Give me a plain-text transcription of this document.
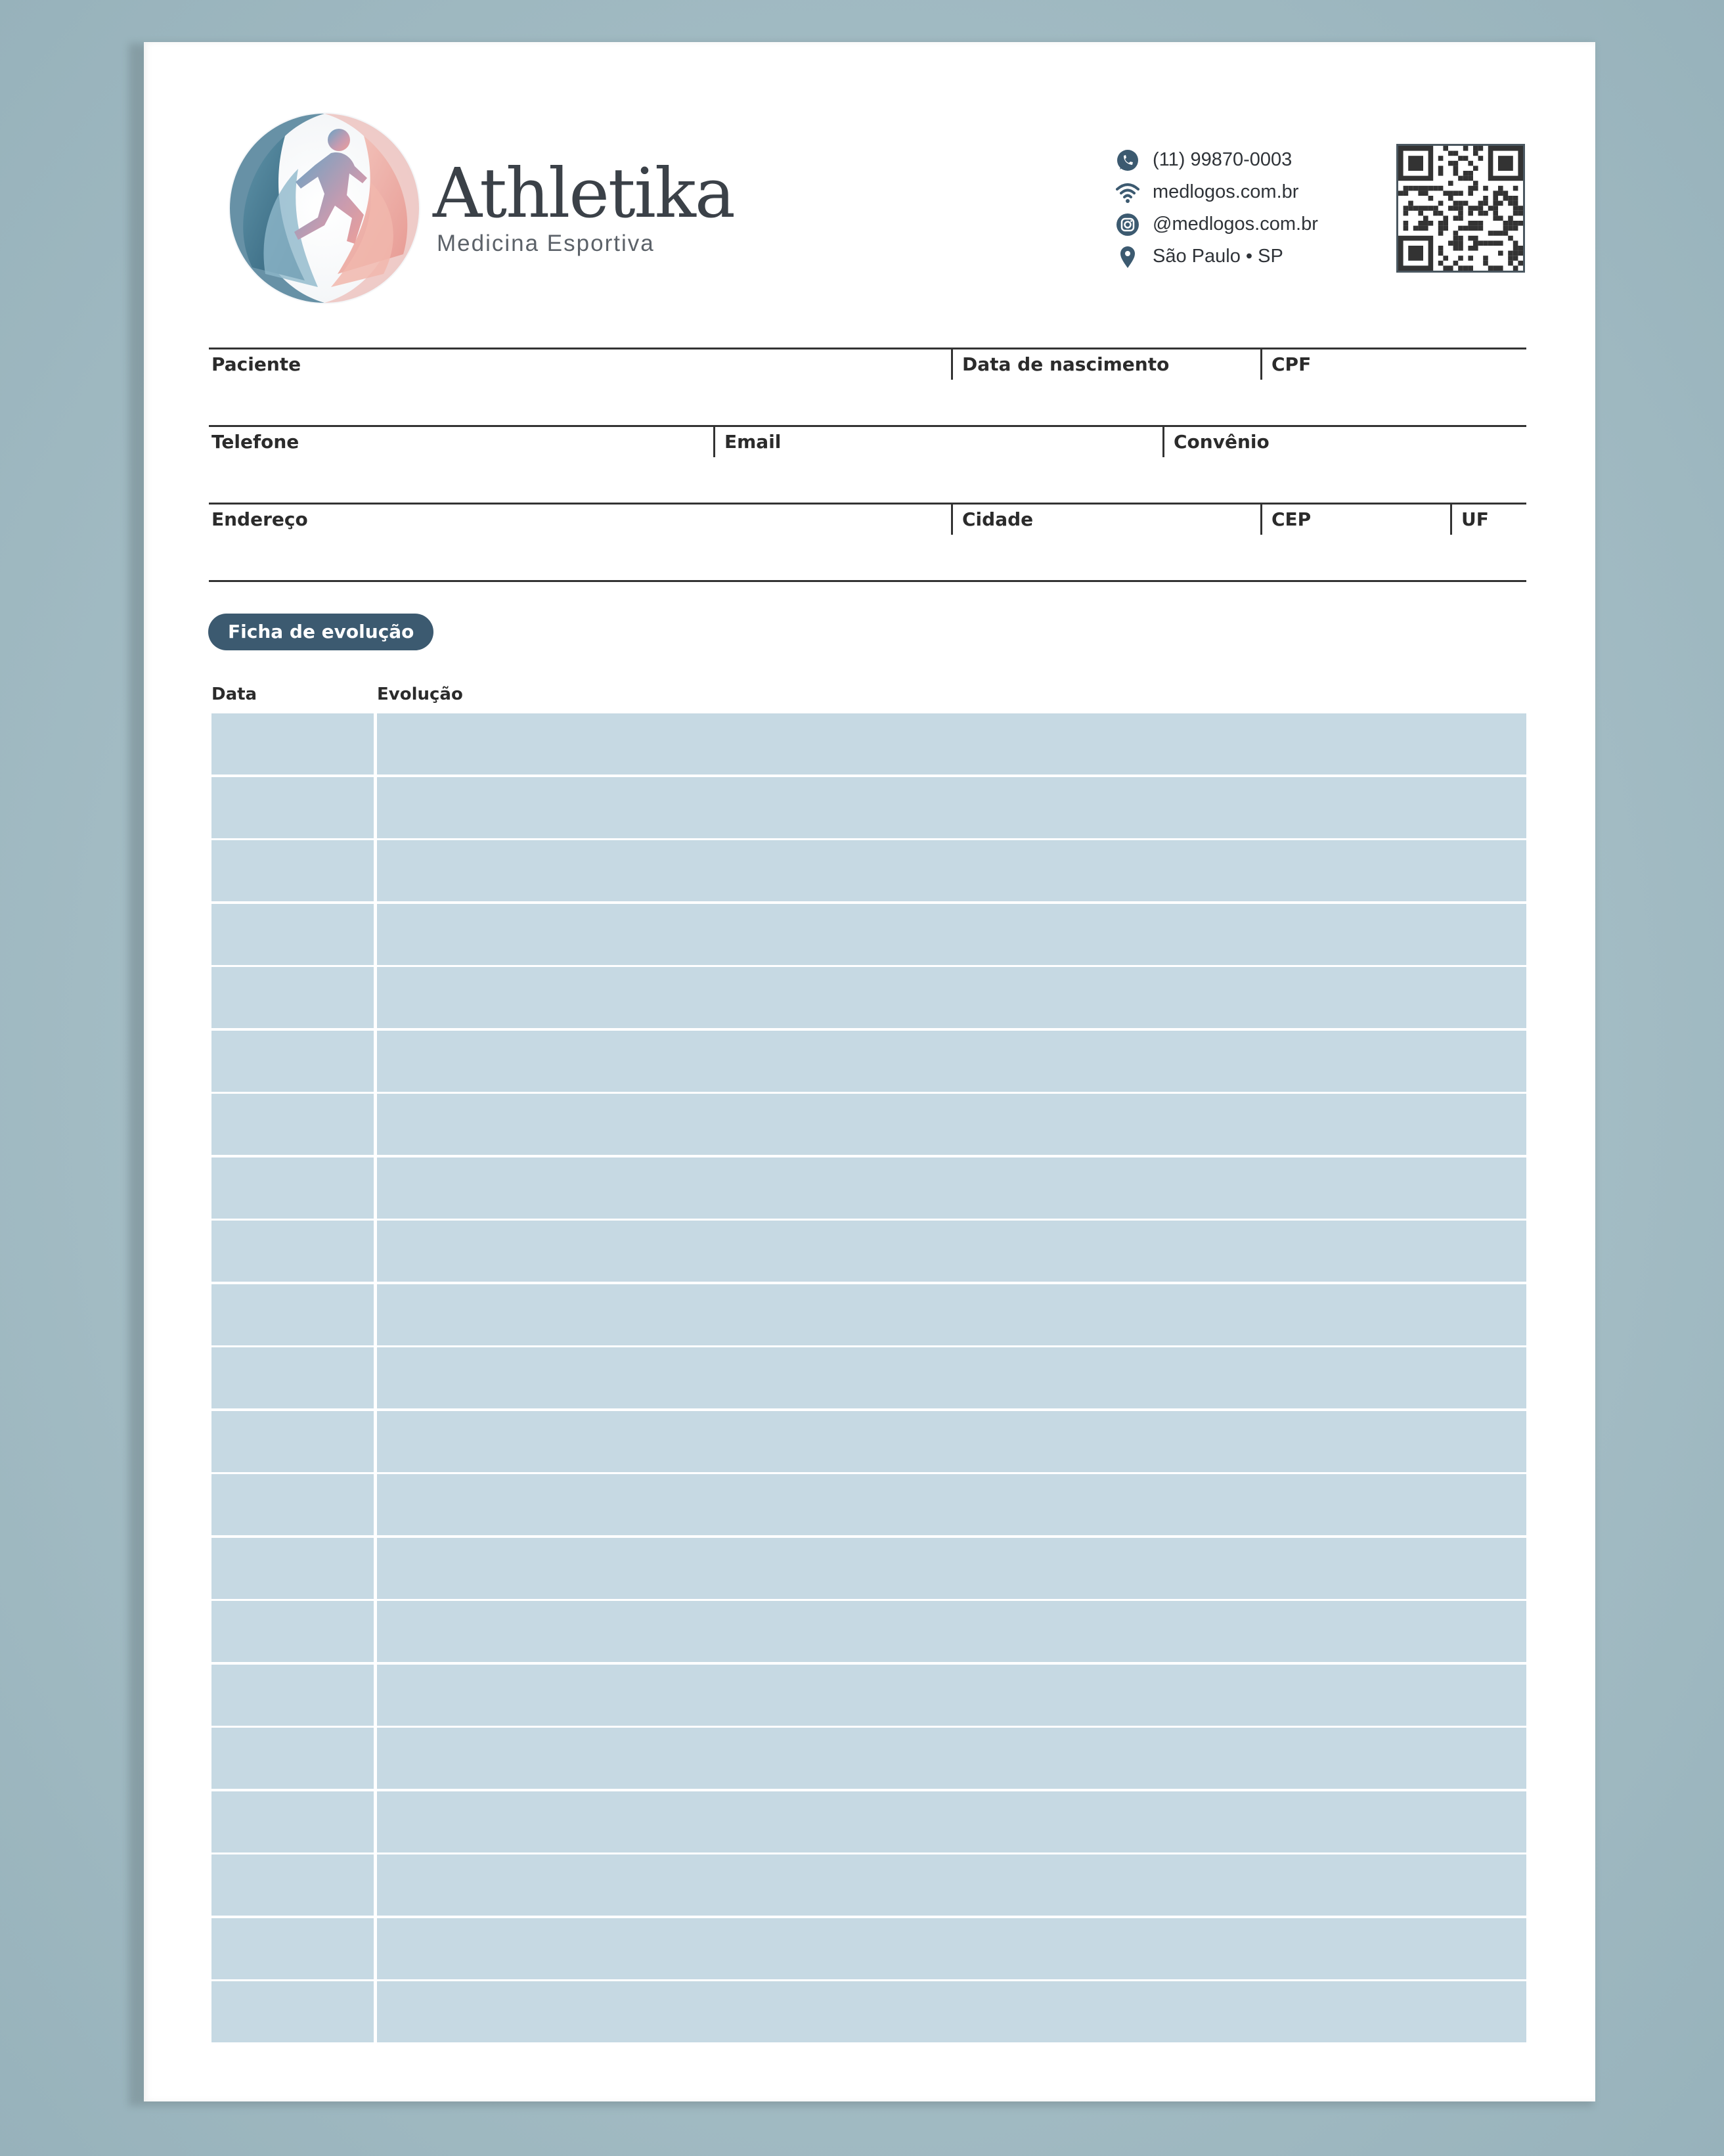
Athletika
Medicina Esportiva
(11) 99870-0003
medlogos.com.br
@medlogos.com.br
São Paulo • SP
Paciente	Data de nascimento	CPF
Telefone	Email	Convênio
Endereço	Cidade	CEP	UF
Ficha de evolução
Data	Evolução
